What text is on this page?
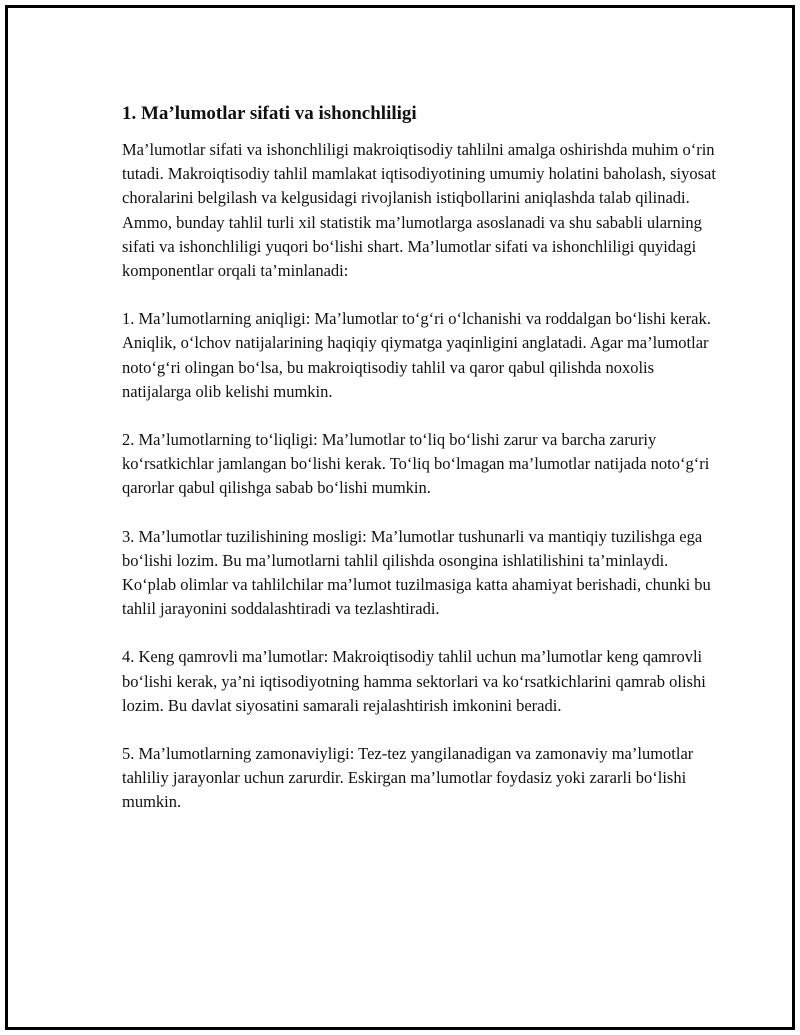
1. Ma’lumotlar sifati va ishonchliligi

Ma’lumotlar sifati va ishonchliligi makroiqtisodiy tahlilni amalga oshirishda muhim o‘rin tutadi. Makroiqtisodiy tahlil mamlakat iqtisodiyotining umumiy holatini baholash, siyosat choralarini belgilash va kelgusidagi rivojlanish istiqbollarini aniqlashda talab qilinadi. Ammo, bunday tahlil turli xil statistik ma’lumotlarga asoslanadi va shu sababli ularning sifati va ishonchliligi yuqori bo‘lishi shart. Ma’lumotlar sifati va ishonchliligi quyidagi komponentlar orqali ta’minlanadi:

1. Ma’lumotlarning aniqligi: Ma’lumotlar to‘g‘ri o‘lchanishi va roddalgan bo‘lishi kerak. Aniqlik, o‘lchov natijalarining haqiqiy qiymatga yaqinligini anglatadi. Agar ma’lumotlar noto‘g‘ri olingan bo‘lsa, bu makroiqtisodiy tahlil va qaror qabul qilishda noxolis natijalarga olib kelishi mumkin.

2. Ma’lumotlarning to‘liqligi: Ma’lumotlar to‘liq bo‘lishi zarur va barcha zaruriy ko‘rsatkichlar jamlangan bo‘lishi kerak. To‘liq bo‘lmagan ma’lumotlar natijada noto‘g‘ri qarorlar qabul qilishga sabab bo‘lishi mumkin.

3. Ma’lumotlar tuzilishining mosligi: Ma’lumotlar tushunarli va mantiqiy tuzilishga ega bo‘lishi lozim. Bu ma’lumotlarni tahlil qilishda osongina ishlatilishini ta’minlaydi. Ko‘plab olimlar va tahlilchilar ma’lumot tuzilmasiga katta ahamiyat berishadi, chunki bu tahlil jarayonini soddalashtiradi va tezlashtiradi.

4. Keng qamrovli ma’lumotlar: Makroiqtisodiy tahlil uchun ma’lumotlar keng qamrovli bo‘lishi kerak, ya’ni iqtisodiyotning hamma sektorlari va ko‘rsatkichlarini qamrab olishi lozim. Bu davlat siyosatini samarali rejalashtirish imkonini beradi.

5. Ma’lumotlarning zamonaviyligi: Tez-tez yangilanadigan va zamonaviy ma’lumotlar tahliliy jarayonlar uchun zarurdir. Eskirgan ma’lumotlar foydasiz yoki zararli bo‘lishi mumkin.
